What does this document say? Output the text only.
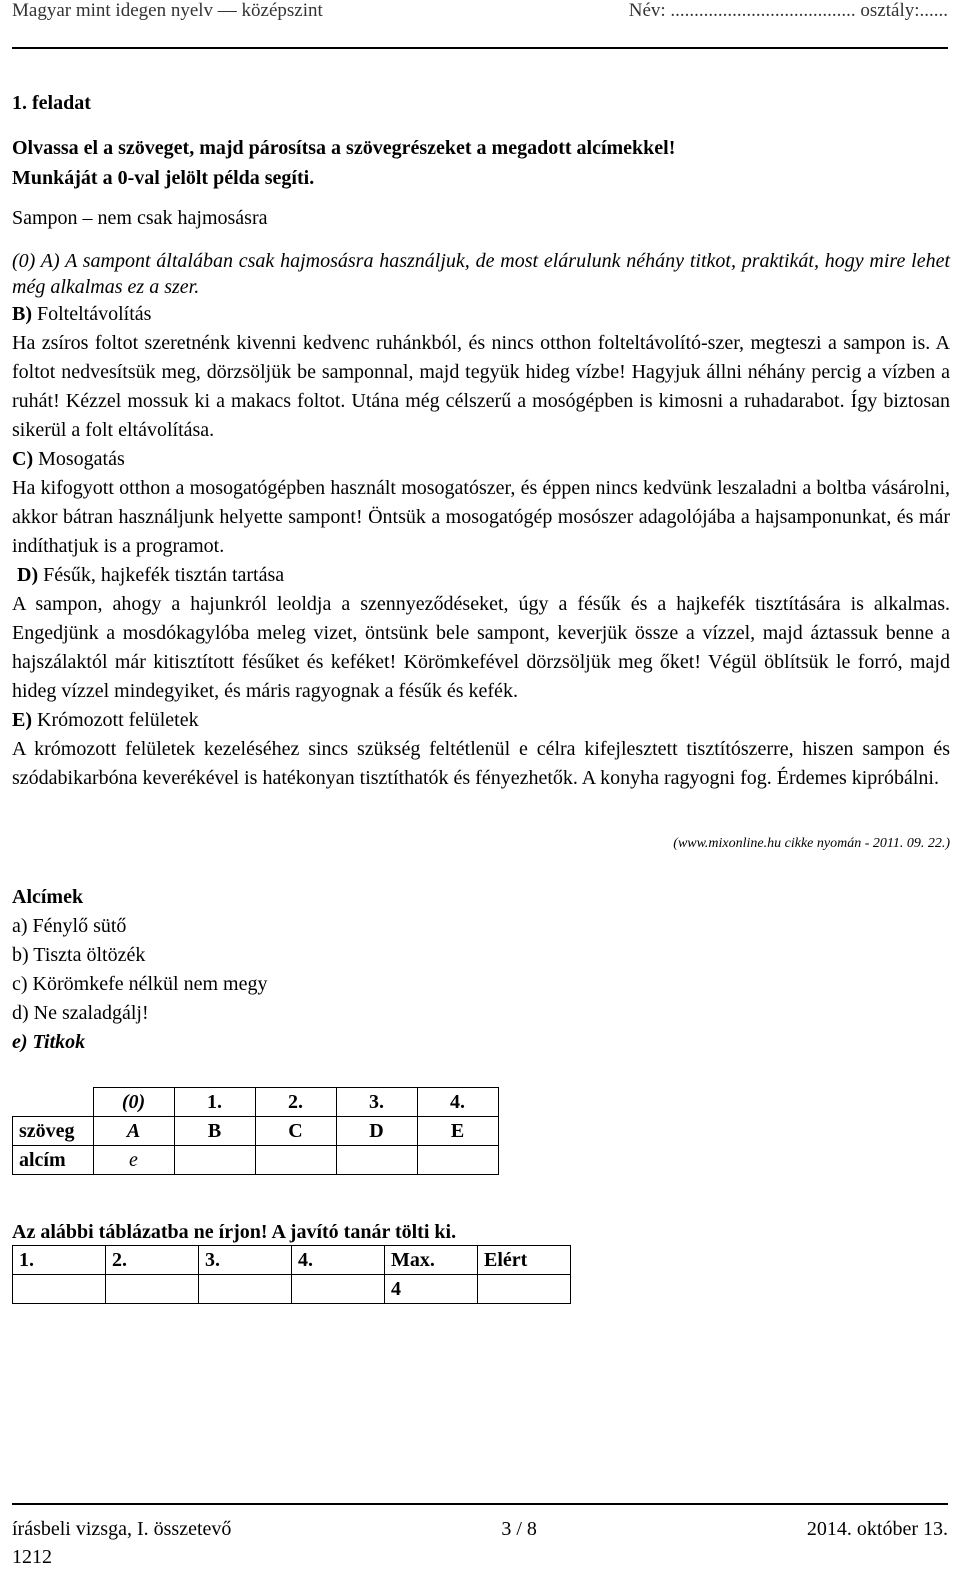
Magyar mint idegen nyelv — középszint	Név: ....................................... osztály:......
1. feladat
Olvassa el a szöveget, majd párosítsa a szövegrészeket a megadott alcímekkel!
Munkáját a 0-val jelölt példa segíti.
Sampon – nem csak hajmosásra

(0) A) A sampont általában csak hajmosásra használjuk, de most elárulunk néhány titkot, praktikát, hogy mire lehet még alkalmas ez a szer.

B) Folteltávolítás

Ha zsíros foltot szeretnénk kivenni kedvenc ruhánkból, és nincs otthon folteltávolító-szer, megteszi a sampon is. A foltot nedvesítsük meg, dörzsöljük be samponnal, majd tegyük hideg vízbe! Hagyjuk állni néhány percig a vízben a ruhát! Kézzel mossuk ki a makacs foltot. Utána még célszerű a mosógépben is kimosni a ruhadarabot. Így biztosan sikerül a folt eltávolítása.

C) Mosogatás

Ha kifogyott otthon a mosogatógépben használt mosogatószer, és éppen nincs kedvünk leszaladni a boltba vásárolni, akkor bátran használjunk helyette sampont! Öntsük a mosogatógép mosószer adagolójába a hajsamponunkat, és már indíthatjuk is a programot.

D) Fésűk, hajkefék tisztán tartása

A sampon, ahogy a hajunkról leoldja a szennyeződéseket, úgy a fésűk és a hajkefék tisztítására is alkalmas. Engedjünk a mosdókagylóba meleg vizet, öntsünk bele sampont, keverjük össze a vízzel, majd áztassuk benne a hajszálaktól már kitisztított fésűket és keféket! Körömkefével dörzsöljük meg őket! Végül öblítsük le forró, majd hideg vízzel mindegyiket, és máris ragyognak a fésűk és kefék.

E) Krómozott felületek

A krómozott felületek kezeléséhez sincs szükség feltétlenül e célra kifejlesztett tisztítószerre, hiszen sampon és szódabikarbóna keverékével is hatékonyan tisztíthatók és fényezhetők. A konyha ragyogni fog. Érdemes kipróbálni.

(www.mixonline.hu cikke nyomán - 2011. 09. 22.)
Alcímek
a) Fénylő sütő
b) Tiszta öltözék
c) Körömkefe nélkül nem megy
d) Ne szaladgálj!
e) Titkok
	(0)	1.	2.	3.	4.
szöveg	A	B	C	D	E
alcím	e				
Az alábbi táblázatba ne írjon! A javító tanár tölti ki.
1.	2.	3.	4.	Max.	Elért
				4	
írásbeli vizsga, I. összetevő	3 / 8	2014. október 13.
1212
